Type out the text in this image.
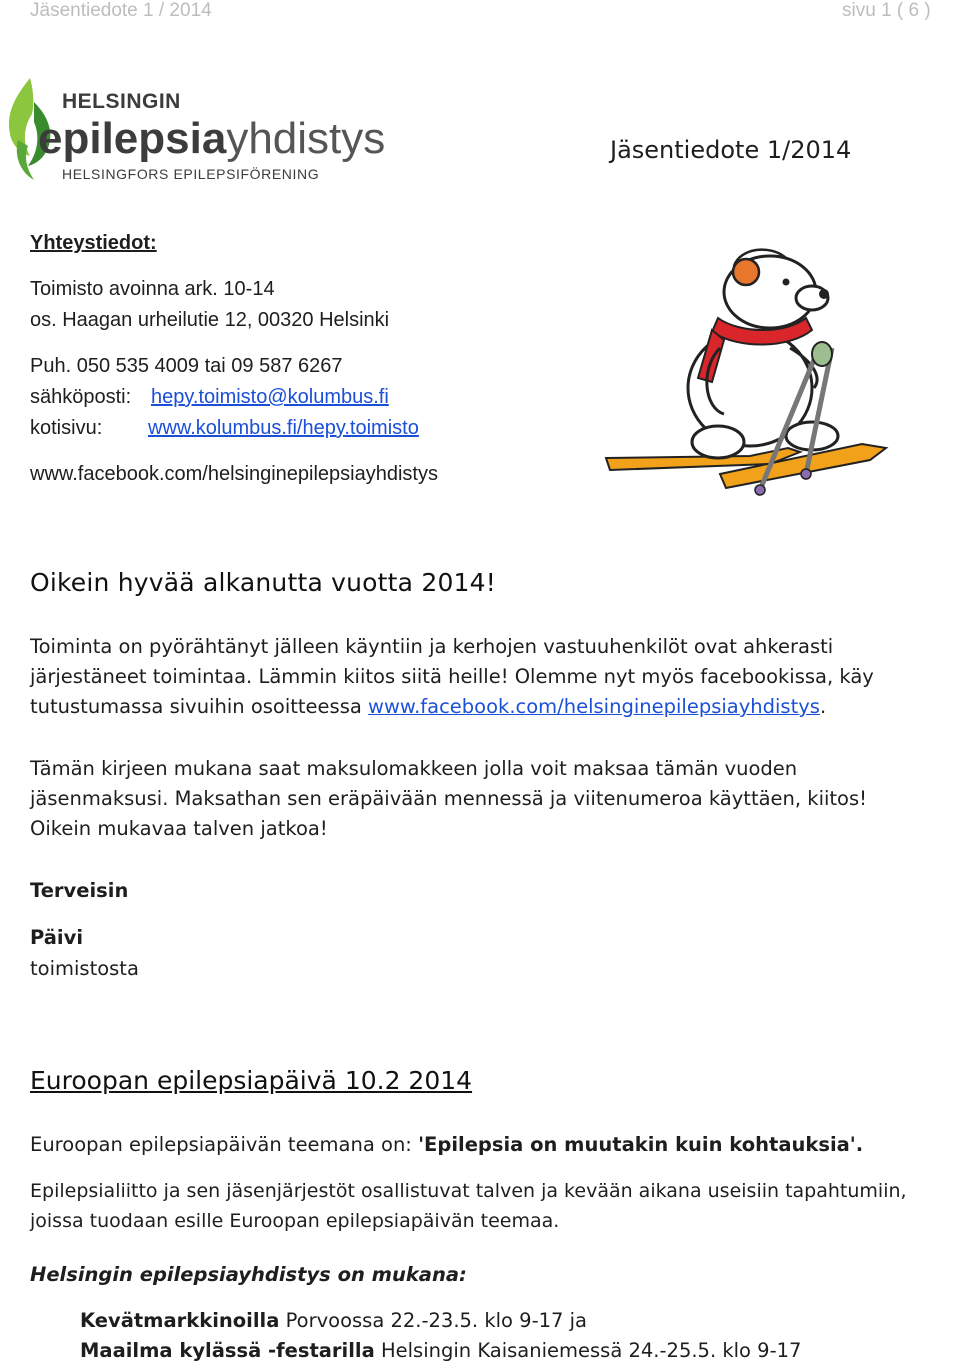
Jäsentiedote 1 / 2014	sivu 1 ( 6 )
HELSINGIN
epilepsiayhdistys
HELSINGFORS EPILEPSIFÖRENING
Jäsentiedote 1/2014
Yhteystiedot:
Toimisto avoinna ark. 10-14
os. Haagan urheilutie 12, 00320 Helsinki
Puh. 050 535 4009 tai 09 587 6267
sähköposti: hepy.toimisto@kolumbus.fi
kotisivu: www.kolumbus.fi/hepy.toimisto
www.facebook.com/helsinginepilepsiayhdistys
Oikein hyvää alkanutta vuotta 2014!
Toiminta on pyörähtänyt jälleen käyntiin ja kerhojen vastuuhenkilöt ovat ahkerasti
järjestäneet toimintaa. Lämmin kiitos siitä heille! Olemme nyt myös facebookissa, käy
tutustumassa sivuihin osoitteessa www.facebook.com/helsinginepilepsiayhdistys.
Tämän kirjeen mukana saat maksulomakkeen jolla voit maksaa tämän vuoden
jäsenmaksusi. Maksathan sen eräpäivään mennessä ja viitenumeroa käyttäen, kiitos!
Oikein mukavaa talven jatkoa!
Terveisin
Päivi
toimistosta
Euroopan epilepsiapäivä 10.2 2014
Euroopan epilepsiapäivän teemana on: 'Epilepsia on muutakin kuin kohtauksia'.
Epilepsialiitto ja sen jäsenjärjestöt osallistuvat talven ja kevään aikana useisiin tapahtumiin,
joissa tuodaan esille Euroopan epilepsiapäivän teemaa.
Helsingin epilepsiayhdistys on mukana:
Kevätmarkkinoilla Porvoossa 22.-23.5. klo 9-17 ja
Maailma kylässä -festarilla Helsingin Kaisaniemessä 24.-25.5. klo 9-17
